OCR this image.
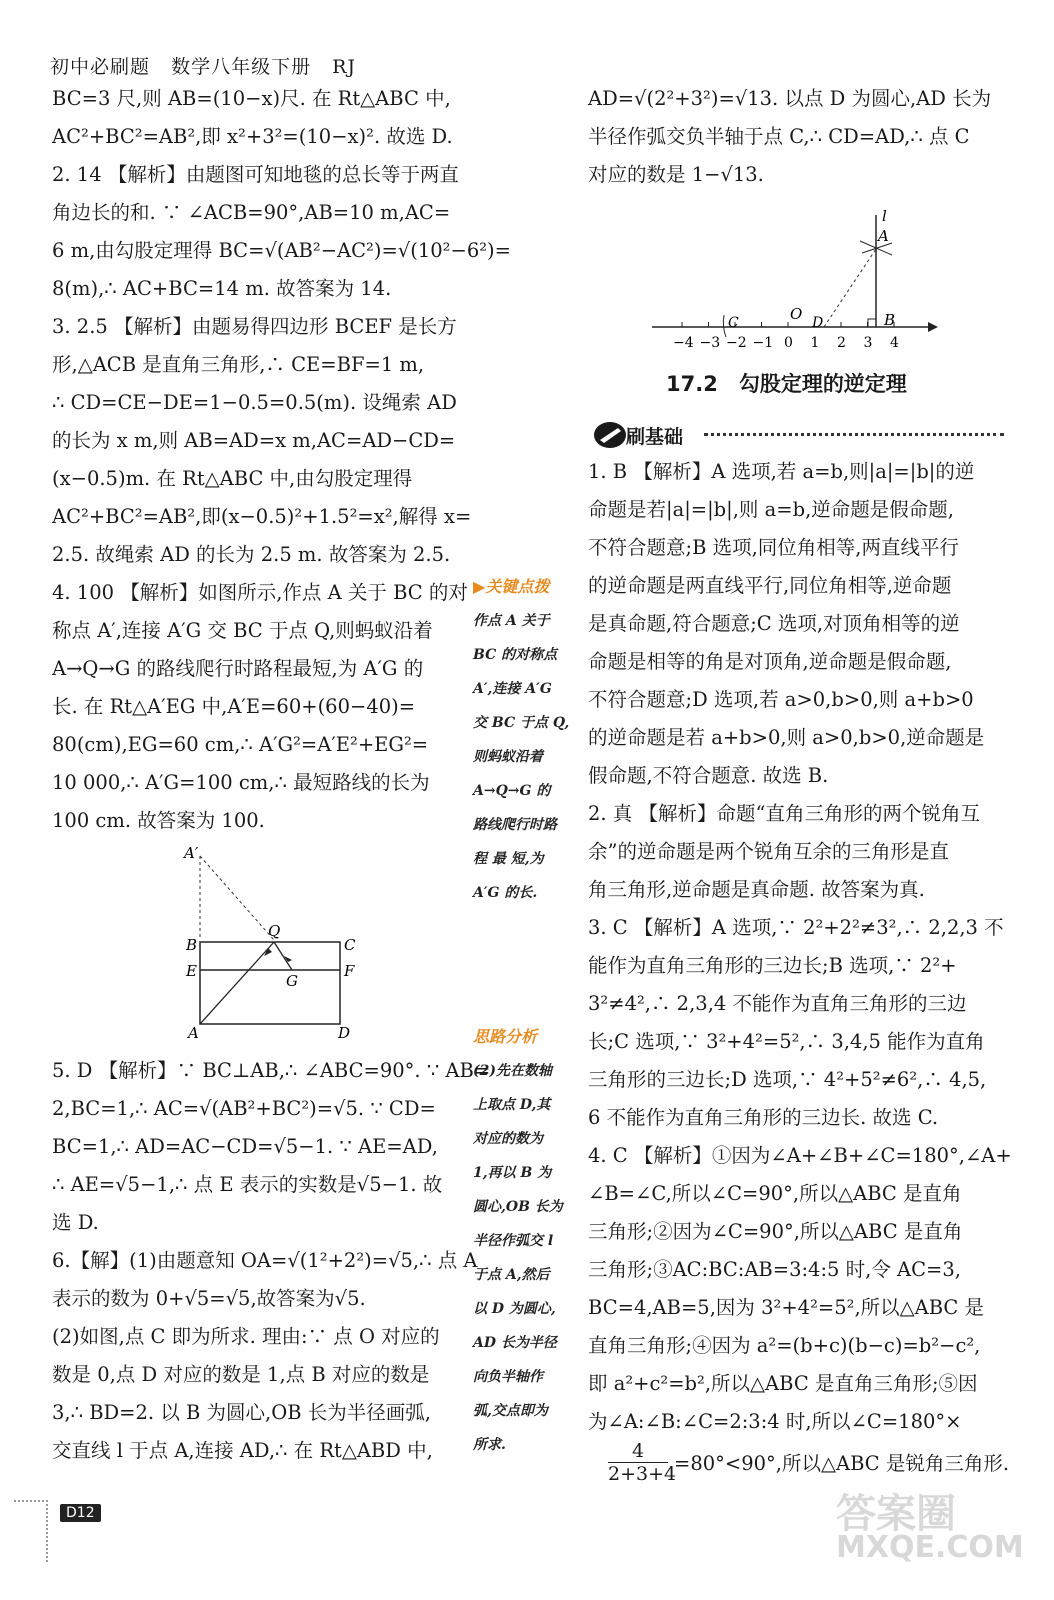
初中必刷题 数学八年级下册 RJ
BC=3 尺,则 AB=(10−x)尺. 在 Rt△ABC 中,
AC²+BC²=AB²,即 x²+3²=(10−x)². 故选 D.
2. 14 【解析】由题图可知地毯的总长等于两直
角边长的和. ∵ ∠ACB=90°,AB=10 m,AC=
6 m,由勾股定理得 BC=√(AB²−AC²)=√(10²−6²)=
8(m),∴ AC+BC=14 m. 故答案为 14.
3. 2.5 【解析】由题易得四边形 BCEF 是长方
形,△ACB 是直角三角形,∴ CE=BF=1 m,
∴ CD=CE−DE=1−0.5=0.5(m). 设绳索 AD
的长为 x m,则 AB=AD=x m,AC=AD−CD=
(x−0.5)m. 在 Rt△ABC 中,由勾股定理得
AC²+BC²=AB²,即(x−0.5)²+1.5²=x²,解得 x=
2.5. 故绳索 AD 的长为 2.5 m. 故答案为 2.5.
4. 100 【解析】如图所示,作点 A 关于 BC 的对
称点 A′,连接 A′G 交 BC 于点 Q,则蚂蚁沿着
A→Q→G 的路线爬行时路程最短,为 A′G 的
长. 在 Rt△A′EG 中,A′E=60+(60−40)=
80(cm),EG=60 cm,∴ A′G²=A′E²+EG²=
10 000,∴ A′G=100 cm,∴ 最短路线的长为
100 cm. 故答案为 100.
A′
B	C
E	F
Q
G
A	D
5. D 【解析】∵ BC⊥AB,∴ ∠ABC=90°. ∵ AB=
2,BC=1,∴ AC=√(AB²+BC²)=√5. ∵ CD=
BC=1,∴ AD=AC−CD=√5−1. ∵ AE=AD,
∴ AE=√5−1,∴ 点 E 表示的实数是√5−1. 故
选 D.
6.【解】(1)由题意知 OA=√(1²+2²)=√5,∴ 点 A
表示的数为 0+√5=√5,故答案为√5.
(2)如图,点 C 即为所求. 理由:∵ 点 O 对应的
数是 0,点 D 对应的数是 1,点 B 对应的数是
3,∴ BD=2. 以 B 为圆心,OB 长为半径画弧,
交直线 l 于点 A,连接 AD,∴ 在 Rt△ABD 中,
▶关键点拨
作点 A 关于
BC 的对称点
A′,连接 A′G
交 BC 于点 Q,
则蚂蚁沿着
A→Q→G 的
路线爬行时路
程 最 短,为
A′G 的长.
思路分析
(2)先在数轴
上取点 D,其
对应的数为
1,再以 B 为
圆心,OB 长为
半径作弧交 l
于点 A,然后
以 D 为圆心,
AD 长为半径
向负半轴作
弧,交点即为
所求.
AD=√(2²+3²)=√13. 以点 D 为圆心,AD 长为
半径作弧交负半轴于点 C,∴ CD=AD,∴ 点 C
对应的数是 1−√13.
l
A
C	O D	B
−4 −3 −2 −1 0 1 2 3 4
17.2　勾股定理的逆定理
刷基础
1. B 【解析】A 选项,若 a=b,则|a|=|b|的逆
命题是若|a|=|b|,则 a=b,逆命题是假命题,
不符合题意;B 选项,同位角相等,两直线平行
的逆命题是两直线平行,同位角相等,逆命题
是真命题,符合题意;C 选项,对顶角相等的逆
命题是相等的角是对顶角,逆命题是假命题,
不符合题意;D 选项,若 a>0,b>0,则 a+b>0
的逆命题是若 a+b>0,则 a>0,b>0,逆命题是
假命题,不符合题意. 故选 B.
2. 真 【解析】命题“直角三角形的两个锐角互
余”的逆命题是两个锐角互余的三角形是直
角三角形,逆命题是真命题. 故答案为真.
3. C 【解析】A 选项,∵ 2²+2²≠3²,∴ 2,2,3 不
能作为直角三角形的三边长;B 选项,∵ 2²+
3²≠4²,∴ 2,3,4 不能作为直角三角形的三边
长;C 选项,∵ 3²+4²=5²,∴ 3,4,5 能作为直角
三角形的三边长;D 选项,∵ 4²+5²≠6²,∴ 4,5,
6 不能作为直角三角形的三边长. 故选 C.
4. C 【解析】①因为∠A+∠B+∠C=180°,∠A+
∠B=∠C,所以∠C=90°,所以△ABC 是直角
三角形;②因为∠C=90°,所以△ABC 是直角
三角形;③AC:BC:AB=3:4:5 时,令 AC=3,
BC=4,AB=5,因为 3²+4²=5²,所以△ABC 是
直角三角形;④因为 a²=(b+c)(b−c)=b²−c²,
即 a²+c²=b²,所以△ABC 是直角三角形;⑤因
为∠A:∠B:∠C=2:3:4 时,所以∠C=180°×
$\frac{4}{2+3+4} =80^\circ<90^\circ$,所以△ABC 是锐角三角形.
D12	答案圈
MXQE.COM
